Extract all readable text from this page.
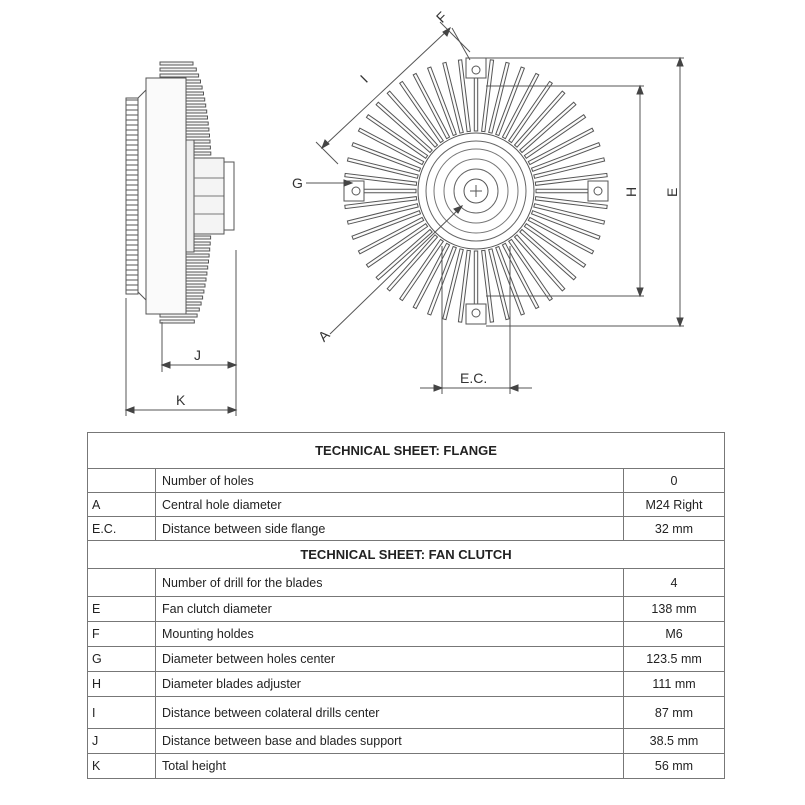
J
K
A
I
F
G
H E
E.C.
TECHNICAL SHEET: FLANGE		
	Number of holes	0
A	Central hole diameter	M24 Right
E.C.	Distance between side flange	32 mm
TECHNICAL SHEET: FAN CLUTCH		
	Number of drill for the blades	4
E	Fan clutch diameter	138 mm
F	Mounting holdes	M6
G	Diameter between holes center	123.5 mm
H	Diameter blades adjuster	111 mm
I	Distance between colateral drills center	87 mm
J	Distance between base and blades support	38.5 mm
K	Total height	56 mm
